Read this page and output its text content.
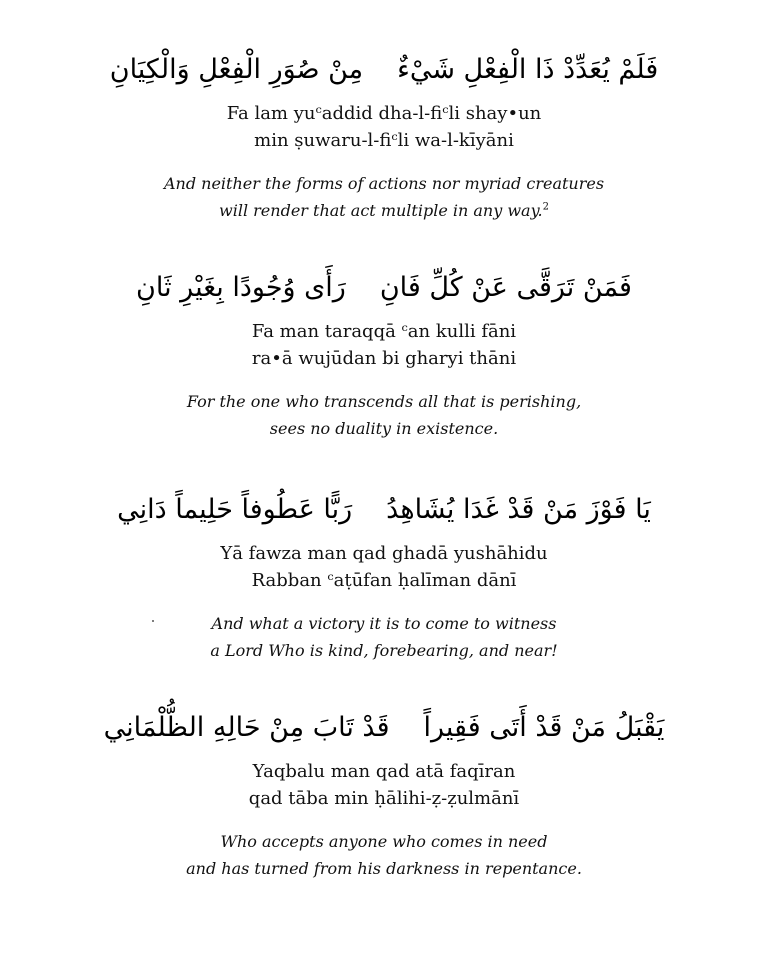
فَلَمْ يُعَدِّدْ ذَا الْفِعْلِ شَيْءٌمِنْ صُوَرِ الْفِعْلِ وَالْكِيَانِ
Fa lam yuᶜaddid dha-l-fiᶜli shay•un
min ṣuwaru-l-fiᶜli wa-l-kīyāni
And neither the forms of actions nor myriad creatures
will render that act multiple in any way.$^2$
فَمَنْ تَرَقَّى عَنْ كُلِّ فَانِرَأَى وُجُودًا بِغَيْرِ ثَانِ
Fa man taraqqā ᶜan kulli fāni
ra•ā wujūdan bi gharyi thāni
For the one who transcends all that is perishing,
sees no duality in existence.
يَا فَوْزَ مَنْ قَدْ غَدَا يُشَاهِدُرَبًّا عَطُوفاً حَلِيماً دَانِي
Yā fawza man qad ghadā yushāhidu
Rabban ᶜaṭūfan ḥalīman dānī
And what a victory it is to come to witness
a Lord Who is kind, forebearing, and near!
يَقْبَلُ مَنْ قَدْ أَتَى فَقِيراًقَدْ تَابَ مِنْ حَالِهِ الظُّلْمَانِي
Yaqbalu man qad atā faqīran
qad tāba min ḥālihi-ẓ-ẓulmānī
Who accepts anyone who comes in need
and has turned from his darkness in repentance.
